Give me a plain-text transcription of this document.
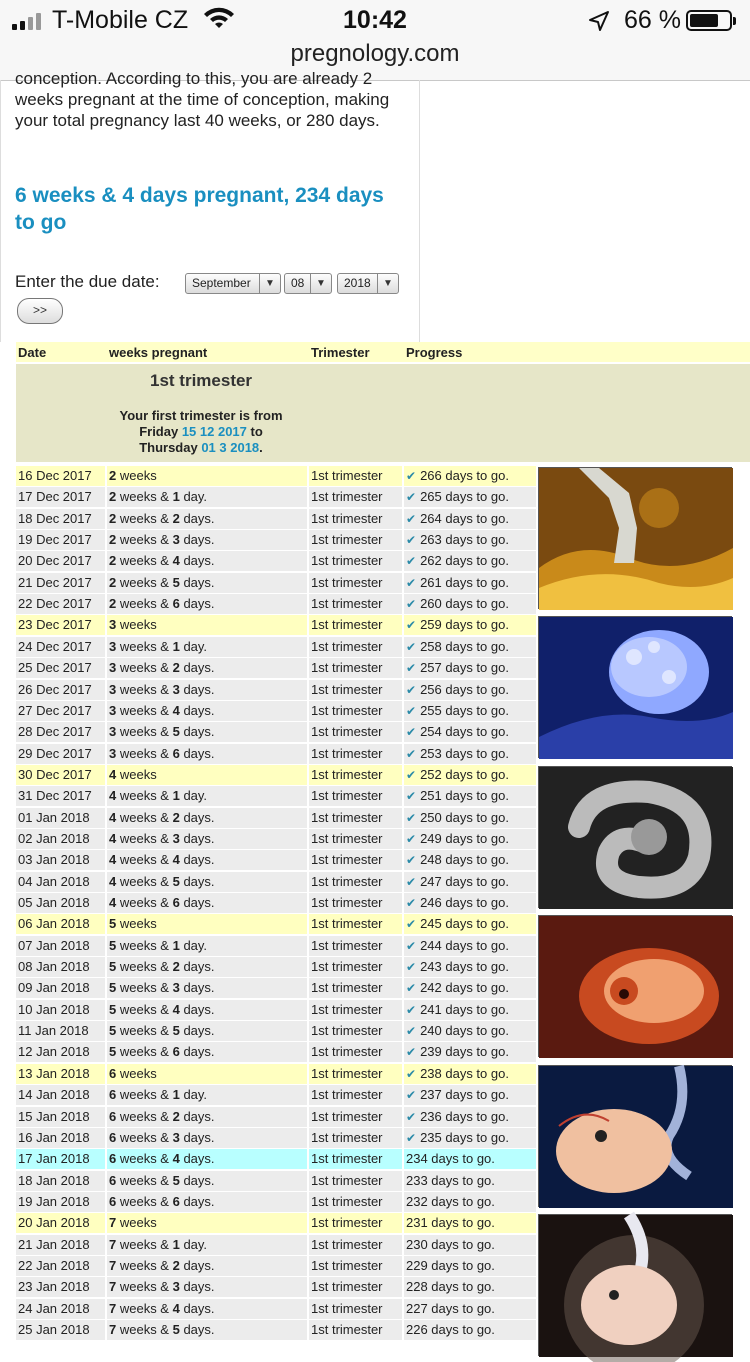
T-Mobile CZ	10:42	66 %
pregnology.com
conception. According to this, you are already 2 weeks pregnant at the time of conception, making your total pregnancy last 40 weeks, or 280 days.
6 weeks & 4 days pregnant, 234 days to go
Enter the due date:	September	▼	08	▼	2018	▼
>>
Date	weeks pregnant	Trimester	Progress
1st trimester
Your first trimester is from
Friday 15 12 2017 to
Thursday 01 3 2018.
16 Dec 2017	2 weeks	1st trimester	✔ 266 days to go.
17 Dec 2017	2 weeks & 1 day.	1st trimester	✔ 265 days to go.
18 Dec 2017	2 weeks & 2 days.	1st trimester	✔ 264 days to go.
19 Dec 2017	2 weeks & 3 days.	1st trimester	✔ 263 days to go.
20 Dec 2017	2 weeks & 4 days.	1st trimester	✔ 262 days to go.
21 Dec 2017	2 weeks & 5 days.	1st trimester	✔ 261 days to go.
22 Dec 2017	2 weeks & 6 days.	1st trimester	✔ 260 days to go.
23 Dec 2017	3 weeks	1st trimester	✔ 259 days to go.
24 Dec 2017	3 weeks & 1 day.	1st trimester	✔ 258 days to go.
25 Dec 2017	3 weeks & 2 days.	1st trimester	✔ 257 days to go.
26 Dec 2017	3 weeks & 3 days.	1st trimester	✔ 256 days to go.
27 Dec 2017	3 weeks & 4 days.	1st trimester	✔ 255 days to go.
28 Dec 2017	3 weeks & 5 days.	1st trimester	✔ 254 days to go.
29 Dec 2017	3 weeks & 6 days.	1st trimester	✔ 253 days to go.
30 Dec 2017	4 weeks	1st trimester	✔ 252 days to go.
31 Dec 2017	4 weeks & 1 day.	1st trimester	✔ 251 days to go.
01 Jan 2018	4 weeks & 2 days.	1st trimester	✔ 250 days to go.
02 Jan 2018	4 weeks & 3 days.	1st trimester	✔ 249 days to go.
03 Jan 2018	4 weeks & 4 days.	1st trimester	✔ 248 days to go.
04 Jan 2018	4 weeks & 5 days.	1st trimester	✔ 247 days to go.
05 Jan 2018	4 weeks & 6 days.	1st trimester	✔ 246 days to go.
06 Jan 2018	5 weeks	1st trimester	✔ 245 days to go.
07 Jan 2018	5 weeks & 1 day.	1st trimester	✔ 244 days to go.
08 Jan 2018	5 weeks & 2 days.	1st trimester	✔ 243 days to go.
09 Jan 2018	5 weeks & 3 days.	1st trimester	✔ 242 days to go.
10 Jan 2018	5 weeks & 4 days.	1st trimester	✔ 241 days to go.
11 Jan 2018	5 weeks & 5 days.	1st trimester	✔ 240 days to go.
12 Jan 2018	5 weeks & 6 days.	1st trimester	✔ 239 days to go.
13 Jan 2018	6 weeks	1st trimester	✔ 238 days to go.
14 Jan 2018	6 weeks & 1 day.	1st trimester	✔ 237 days to go.
15 Jan 2018	6 weeks & 2 days.	1st trimester	✔ 236 days to go.
16 Jan 2018	6 weeks & 3 days.	1st trimester	✔ 235 days to go.
17 Jan 2018	6 weeks & 4 days.	1st trimester	234 days to go.
18 Jan 2018	6 weeks & 5 days.	1st trimester	233 days to go.
19 Jan 2018	6 weeks & 6 days.	1st trimester	232 days to go.
20 Jan 2018	7 weeks	1st trimester	231 days to go.
21 Jan 2018	7 weeks & 1 day.	1st trimester	230 days to go.
22 Jan 2018	7 weeks & 2 days.	1st trimester	229 days to go.
23 Jan 2018	7 weeks & 3 days.	1st trimester	228 days to go.
24 Jan 2018	7 weeks & 4 days.	1st trimester	227 days to go.
25 Jan 2018	7 weeks & 5 days.	1st trimester	226 days to go.
